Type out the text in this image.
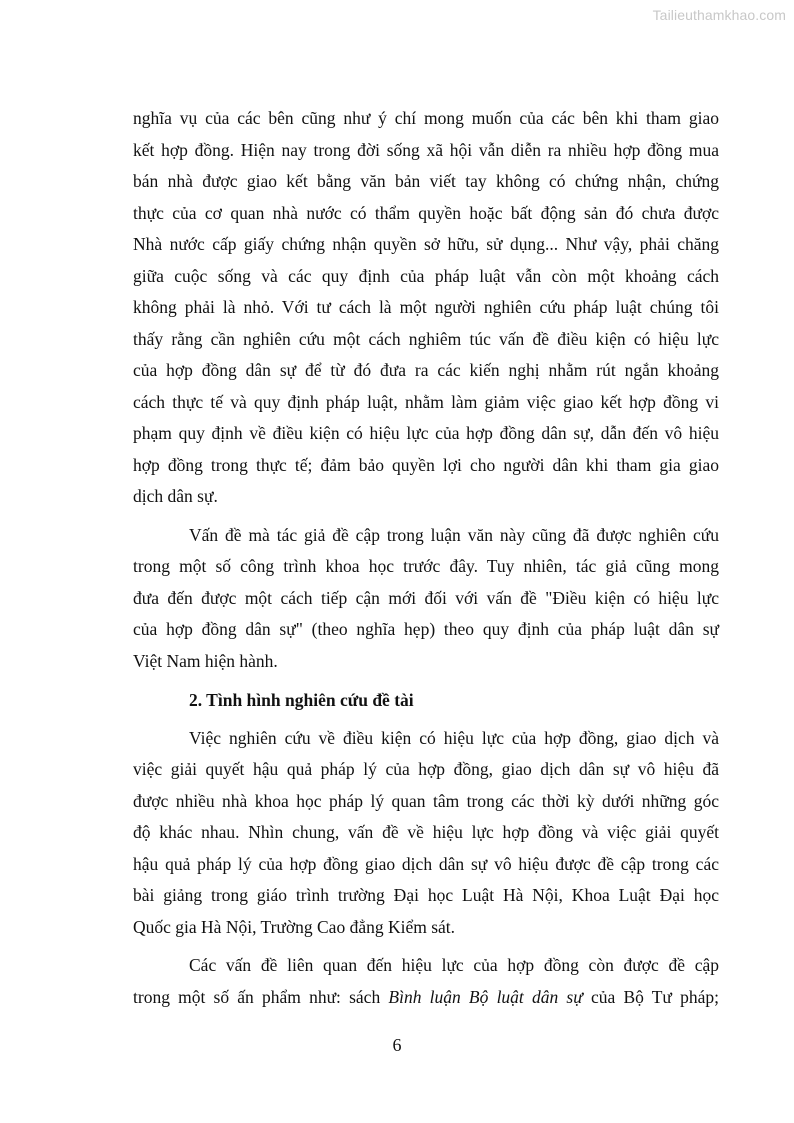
Tailieuthamkhao.com

nghĩa vụ của các bên cũng như ý chí mong muốn của các bên khi tham giao

kết hợp đồng. Hiện nay trong đời sống xã hội vẫn diễn ra nhiều hợp đồng mua

bán nhà được giao kết bằng văn bản viết tay không có chứng nhận, chứng

thực của cơ quan nhà nước có thẩm quyền hoặc bất động sản đó chưa được

Nhà nước cấp giấy chứng nhận quyền sở hữu, sử dụng... Như vậy, phải chăng

giữa cuộc sống và các quy định của pháp luật vẫn còn một khoảng cách

không phải là nhỏ. Với tư cách là một người nghiên cứu pháp luật chúng tôi

thấy rằng cần nghiên cứu một cách nghiêm túc vấn đề điều kiện có hiệu lực

của hợp đồng dân sự để từ đó đưa ra các kiến nghị nhằm rút ngắn khoảng

cách thực tế và quy định pháp luật, nhằm làm giảm việc giao kết hợp đồng vi

phạm quy định về điều kiện có hiệu lực của hợp đồng dân sự, dẫn đến vô hiệu

hợp đồng trong thực tế; đảm bảo quyền lợi cho người dân khi tham gia giao

dịch dân sự.

Vấn đề mà tác giả đề cập trong luận văn này cũng đã được nghiên cứu

trong một số công trình khoa học trước đây. Tuy nhiên, tác giả cũng mong

đưa đến được một cách tiếp cận mới đối với vấn đề "Điều kiện có hiệu lực

của hợp đồng dân sự" (theo nghĩa hẹp) theo quy định của pháp luật dân sự

Việt Nam hiện hành.

2. Tình hình nghiên cứu đề tài

Việc nghiên cứu về điều kiện có hiệu lực của hợp đồng, giao dịch và

việc giải quyết hậu quả pháp lý của hợp đồng, giao dịch dân sự vô hiệu đã

được nhiều nhà khoa học pháp lý quan tâm trong các thời kỳ dưới những góc

độ khác nhau. Nhìn chung, vấn đề về hiệu lực hợp đồng và việc giải quyết

hậu quả pháp lý của hợp đồng giao dịch dân sự vô hiệu được đề cập trong các

bài giảng trong giáo trình trường Đại học Luật Hà Nội, Khoa Luật Đại học

Quốc gia Hà Nội, Trường Cao đẳng Kiểm sát.

Các vấn đề liên quan đến hiệu lực của hợp đồng còn được đề cập

trong một số ấn phẩm như: sách Bình luận Bộ luật dân sự của Bộ Tư pháp;

6
